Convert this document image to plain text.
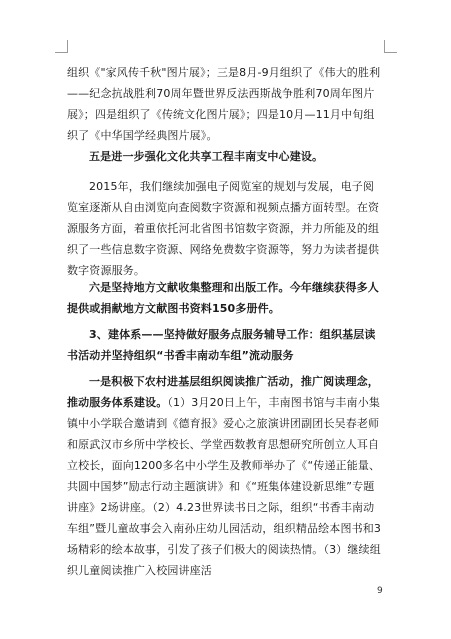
组织《"家风传千秋"图片展》；三是8月-9月组织了《伟大的胜利——纪念抗战胜利70周年暨世界反法西斯战争胜利70周年图片展》；四是组织了《传统文化图片展》；四是10月—11月中旬组织了《中华国学经典图片展》。

五是进一步强化文化共享工程丰南支中心建设。

2015年，我们继续加强电子阅览室的规划与发展，电子阅览室逐渐从自由浏览向查阅数字资源和视频点播方面转型。在资源服务方面，着重依托河北省图书馆数字资源，并力所能及的组织了一些信息数字资源、网络免费数字资源等，努力为读者提供数字资源服务。

六是坚持地方文献收集整理和出版工作。今年继续获得多人提供或捐献地方文献图书资料150多册件。

3、建体系——坚持做好服务点服务辅导工作：组织基层读书活动并坚持组织“书香丰南动车组”流动服务

一是积极下农村进基层组织阅读推广活动，推广阅读理念，推动服务体系建设。（1）3月20日上午，丰南图书馆与丰南小集镇中小学联合邀请到《德育报》爱心之旅演讲团副团长吴春老师和原武汉市乡所中学校长、学堂西数教育思想研究所创立人耳自立校长，面向1200多名中小学生及教师举办了《“传递正能量、共圆中国梦”励志行动主题演讲》和《“班集体建设新思维”专题讲座》2场讲座。（2）4.23世界读书日之际，组织“书香丰南动车组”暨儿童故事会入南孙庄幼儿园活动，组织精品绘本图书和3场精彩的绘本故事，引发了孩子们极大的阅读热情。（3）继续组织儿童阅读推广入校园讲座活

9
